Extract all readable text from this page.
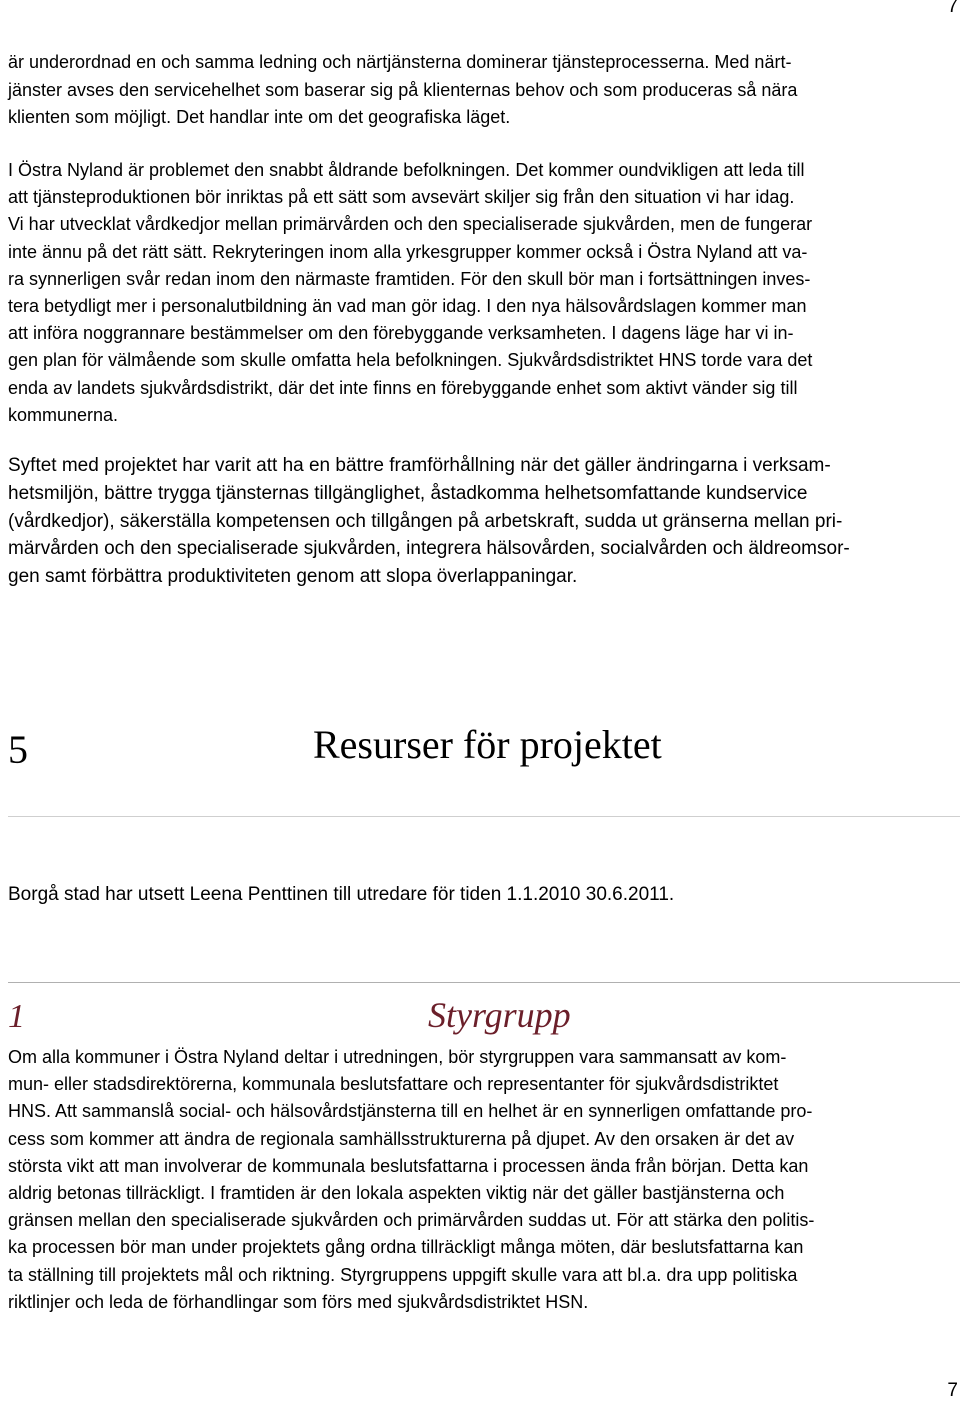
7
är underordnad en och samma ledning och närtjänsterna dominerar tjänsteprocesserna. Med närt-
jänster avses den servicehelhet som baserar sig på klienternas behov och som produceras så nära
klienten som möjligt. Det handlar inte om det geografiska läget.
I Östra Nyland är problemet den snabbt åldrande befolkningen. Det kommer oundvikligen att leda till
att tjänsteproduktionen bör inriktas på ett sätt som avsevärt skiljer sig från den situation vi har idag.
Vi har utvecklat vårdkedjor mellan primärvården och den specialiserade sjukvården, men de fungerar
inte ännu på det rätt sätt. Rekryteringen inom alla yrkesgrupper kommer också i Östra Nyland att va-
ra synnerligen svår redan inom den närmaste framtiden. För den skull bör man i fortsättningen inves-
tera betydligt mer i personalutbildning än vad man gör idag. I den nya hälsovårdslagen kommer man
att införa noggrannare bestämmelser om den förebyggande verksamheten. I dagens läge har vi in-
gen plan för välmående som skulle omfatta hela befolkningen. Sjukvårdsdistriktet HNS torde vara det
enda av landets sjukvårdsdistrikt, där det inte finns en förebyggande enhet som aktivt vänder sig till
kommunerna.
Syftet med projektet har varit att ha en bättre framförhållning när det gäller ändringarna i verksam-
hetsmiljön, bättre trygga tjänsternas tillgänglighet, åstadkomma helhetsomfattande kundservice
(vårdkedjor), säkerställa kompetensen och tillgången på arbetskraft, sudda ut gränserna mellan pri-
märvården och den specialiserade sjukvården, integrera hälsovården, socialvården och äldreomsor-
gen samt förbättra produktiviteten genom att slopa överlappaningar.
5	Resurser för projektet
Borgå stad har utsett Leena Penttinen till utredare för tiden 1.1.2010 30.6.2011.
1	Styrgrupp
Om alla kommuner i Östra Nyland deltar i utredningen, bör styrgruppen vara sammansatt av kom-
mun- eller stadsdirektörerna, kommunala beslutsfattare och representanter för sjukvårdsdistriktet
HNS. Att sammanslå social- och hälsovårdstjänsterna till en helhet är en synnerligen omfattande pro-
cess som kommer att ändra de regionala samhällsstrukturerna på djupet. Av den orsaken är det av
största vikt att man involverar de kommunala beslutsfattarna i processen ända från början. Detta kan
aldrig betonas tillräckligt. I framtiden är den lokala aspekten viktig när det gäller bastjänsterna och
gränsen mellan den specialiserade sjukvården och primärvården suddas ut. För att stärka den politis-
ka processen bör man under projektets gång ordna tillräckligt många möten, där beslutsfattarna kan
ta ställning till projektets mål och riktning. Styrgruppens uppgift skulle vara att bl.a. dra upp politiska
riktlinjer och leda de förhandlingar som förs med sjukvårdsdistriktet HSN.
7
